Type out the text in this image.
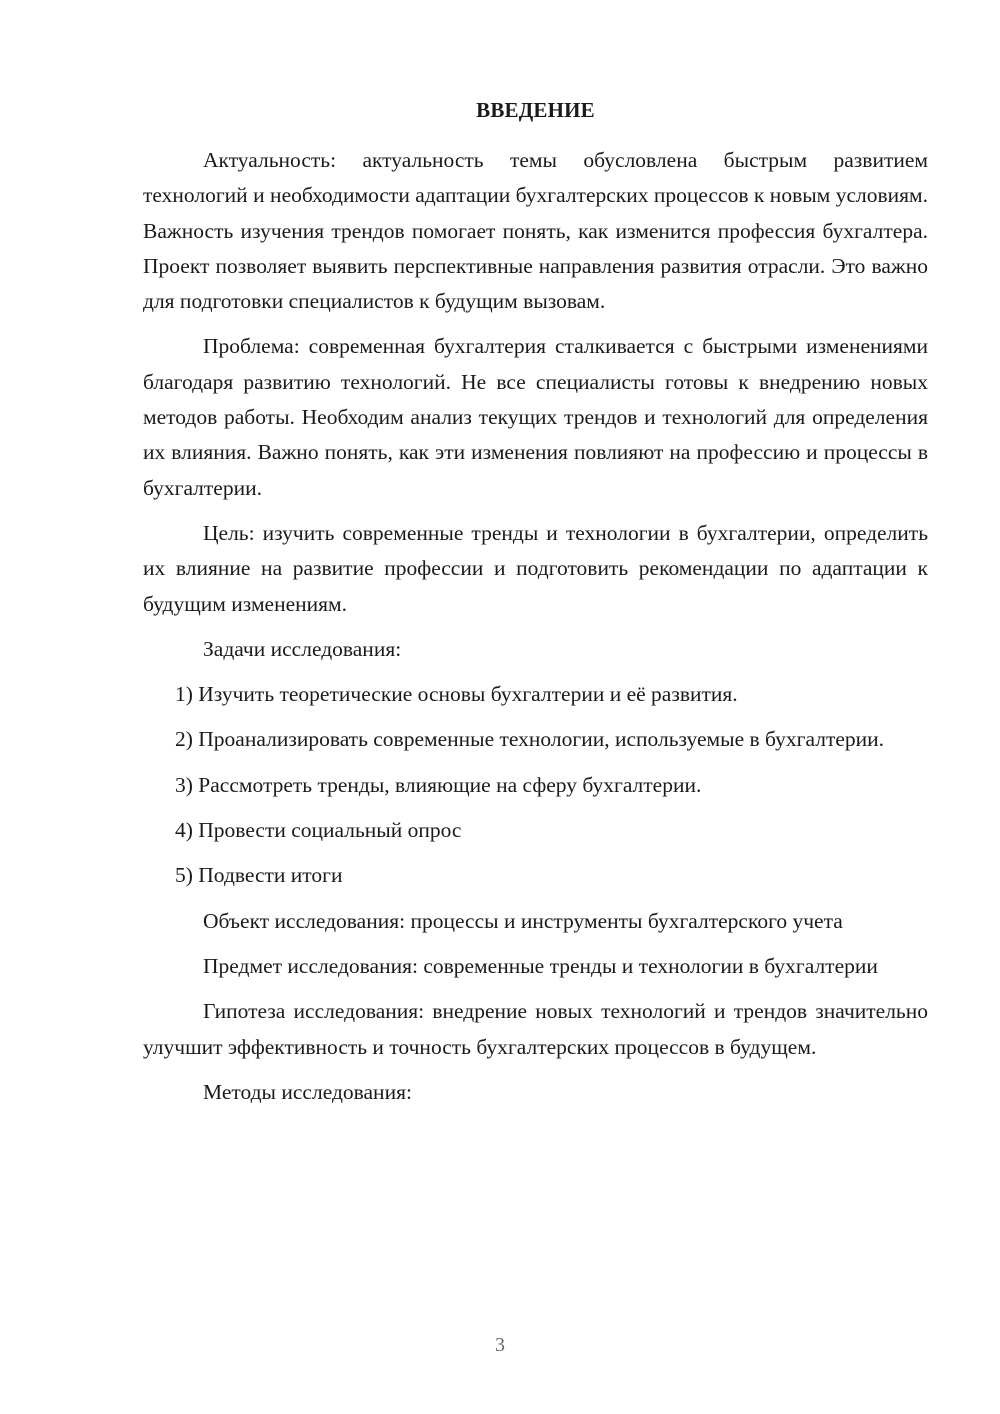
ВВЕДЕНИЕ

Актуальность: актуальность темы обусловлена быстрым развитием технологий и необходимости адаптации бухгалтерских процессов к новым условиям. Важность изучения трендов помогает понять, как изменится профессия бухгалтера. Проект позволяет выявить перспективные направления развития отрасли. Это важно для подготовки специалистов к будущим вызовам.

Проблема: современная бухгалтерия сталкивается с быстрыми изменениями благодаря развитию технологий. Не все специалисты готовы к внедрению новых методов работы. Необходим анализ текущих трендов и технологий для определения их влияния. Важно понять, как эти изменения повлияют на профессию и процессы в бухгалтерии.

Цель: изучить современные тренды и технологии в бухгалтерии, определить их влияние на развитие профессии и подготовить рекомендации по адаптации к будущим изменениям.

Задачи исследования:

1) Изучить теоретические основы бухгалтерии и её развития.

2) Проанализировать современные технологии, используемые в бухгалтерии.

3) Рассмотреть тренды, влияющие на сферу бухгалтерии.

4) Провести социальный опрос

5) Подвести итоги

Объект исследования: процессы и инструменты бухгалтерского учета

Предмет исследования: современные тренды и технологии в бухгалтерии

Гипотеза исследования: внедрение новых технологий и трендов значительно улучшит эффективность и точность бухгалтерских процессов в будущем.

Методы исследования:

3
